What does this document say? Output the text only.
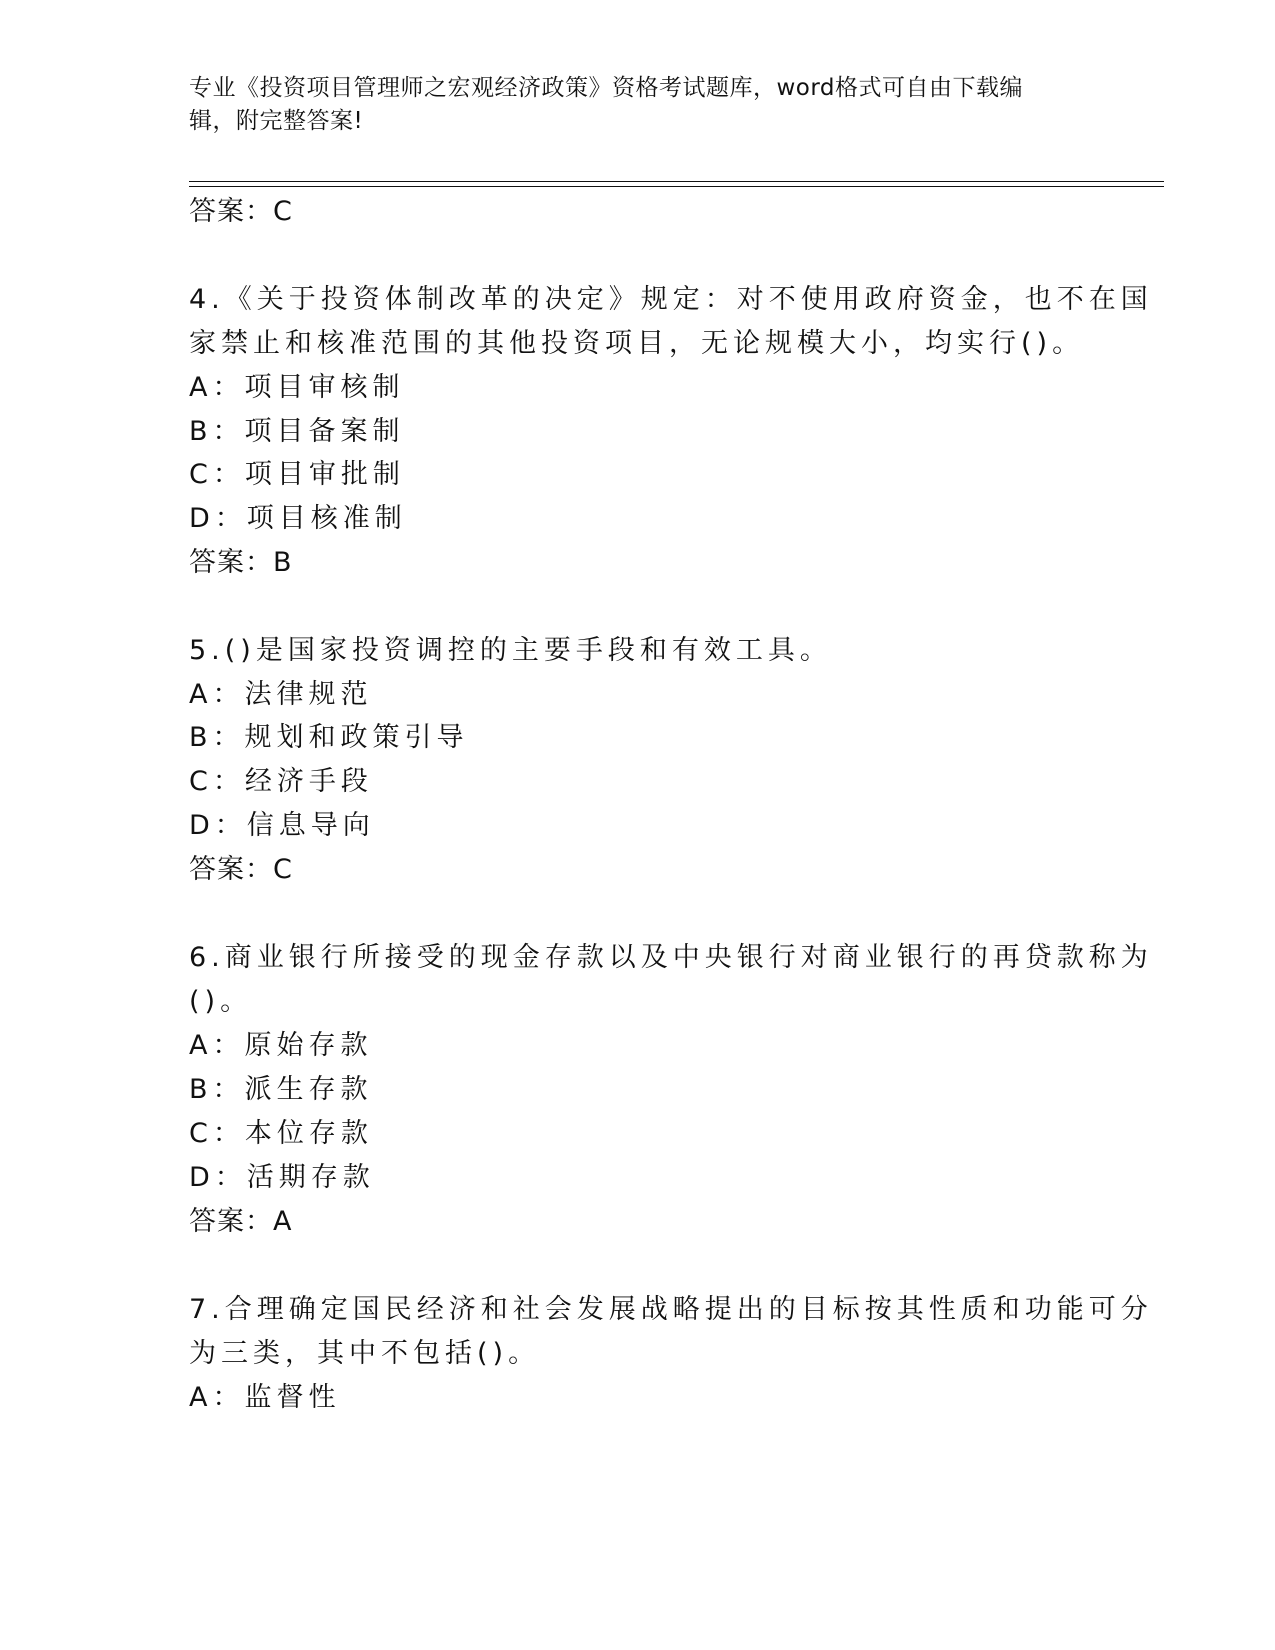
专业《投资项目管理师之宏观经济政策》资格考试题库，word格式可自由下载编辑，附完整答案!
答案：C
4.《关于投资体制改革的决定》规定：对不使用政府资金，也不在国
家禁止和核准范围的其他投资项目，无论规模大小，均实行()。
A：项目审核制
B：项目备案制
C：项目审批制
D：项目核准制
答案：B
5.()是国家投资调控的主要手段和有效工具。
A：法律规范
B：规划和政策引导
C：经济手段
D：信息导向
答案：C
6.商业银行所接受的现金存款以及中央银行对商业银行的再贷款称为
()。
A：原始存款
B：派生存款
C：本位存款
D：活期存款
答案：A
7.合理确定国民经济和社会发展战略提出的目标按其性质和功能可分
为三类，其中不包括()。
A：监督性
